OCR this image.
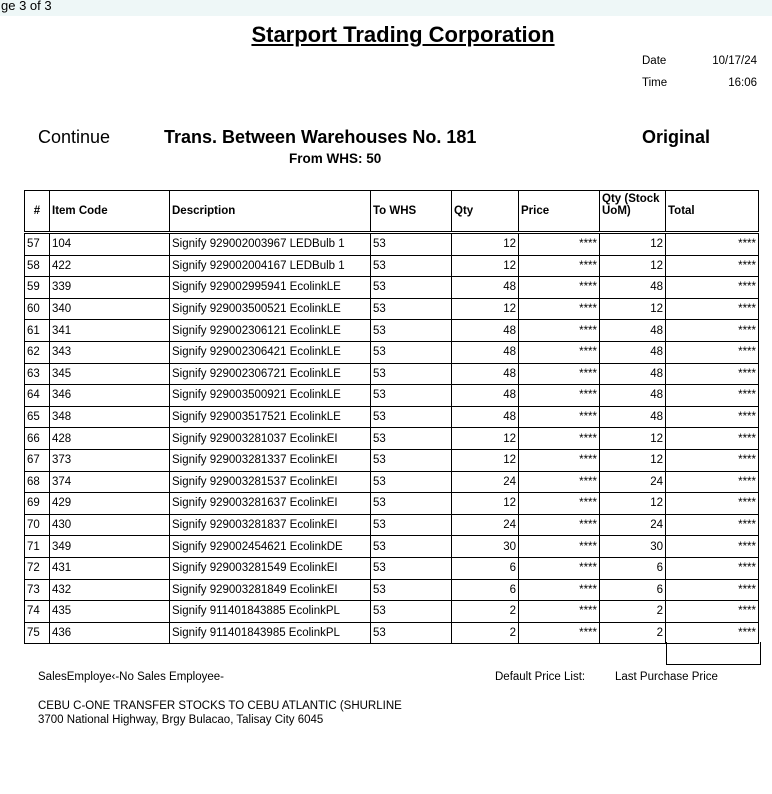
ge 3 of 3
Starport Trading Corporation
Date	10/17/24
Time	16:06
Continue	Trans. Between Warehouses No. 181
From WHS: 50
Original
#	Item Code	Description	To WHS	Qty	Price	Qty (Stock UoM)	Total
57	104	Signify 929002003967 LEDBulb 1	53	12	****	12	****
58	422	Signify 929002004167 LEDBulb 1	53	12	****	12	****
59	339	Signify 929002995941 EcolinkLE	53	48	****	48	****
60	340	Signify 929003500521 EcolinkLE	53	12	****	12	****
61	341	Signify 929002306121 EcolinkLE	53	48	****	48	****
62	343	Signify 929002306421 EcolinkLE	53	48	****	48	****
63	345	Signify 929002306721 EcolinkLE	53	48	****	48	****
64	346	Signify 929003500921 EcolinkLE	53	48	****	48	****
65	348	Signify 929003517521 EcolinkLE	53	48	****	48	****
66	428	Signify 929003281037 EcolinkEI	53	12	****	12	****
67	373	Signify 929003281337 EcolinkEI	53	12	****	12	****
68	374	Signify 929003281537 EcolinkEI	53	24	****	24	****
69	429	Signify 929003281637 EcolinkEI	53	12	****	12	****
70	430	Signify 929003281837 EcolinkEI	53	24	****	24	****
71	349	Signify 929002454621 EcolinkDE	53	30	****	30	****
72	431	Signify 929003281549 EcolinkEI	53	6	****	6	****
73	432	Signify 929003281849 EcolinkEI	53	6	****	6	****
74	435	Signify 911401843885 EcolinkPL	53	2	****	2	****
75	436	Signify 911401843985 EcolinkPL	53	2	****	2	****
SalesEmploye‹-No Sales Employee-	Default Price List:	Last Purchase Price
CEBU C-ONE TRANSFER STOCKS TO CEBU ATLANTIC (SHURLINE
3700 National Highway, Brgy Bulacao, Talisay City 6045
